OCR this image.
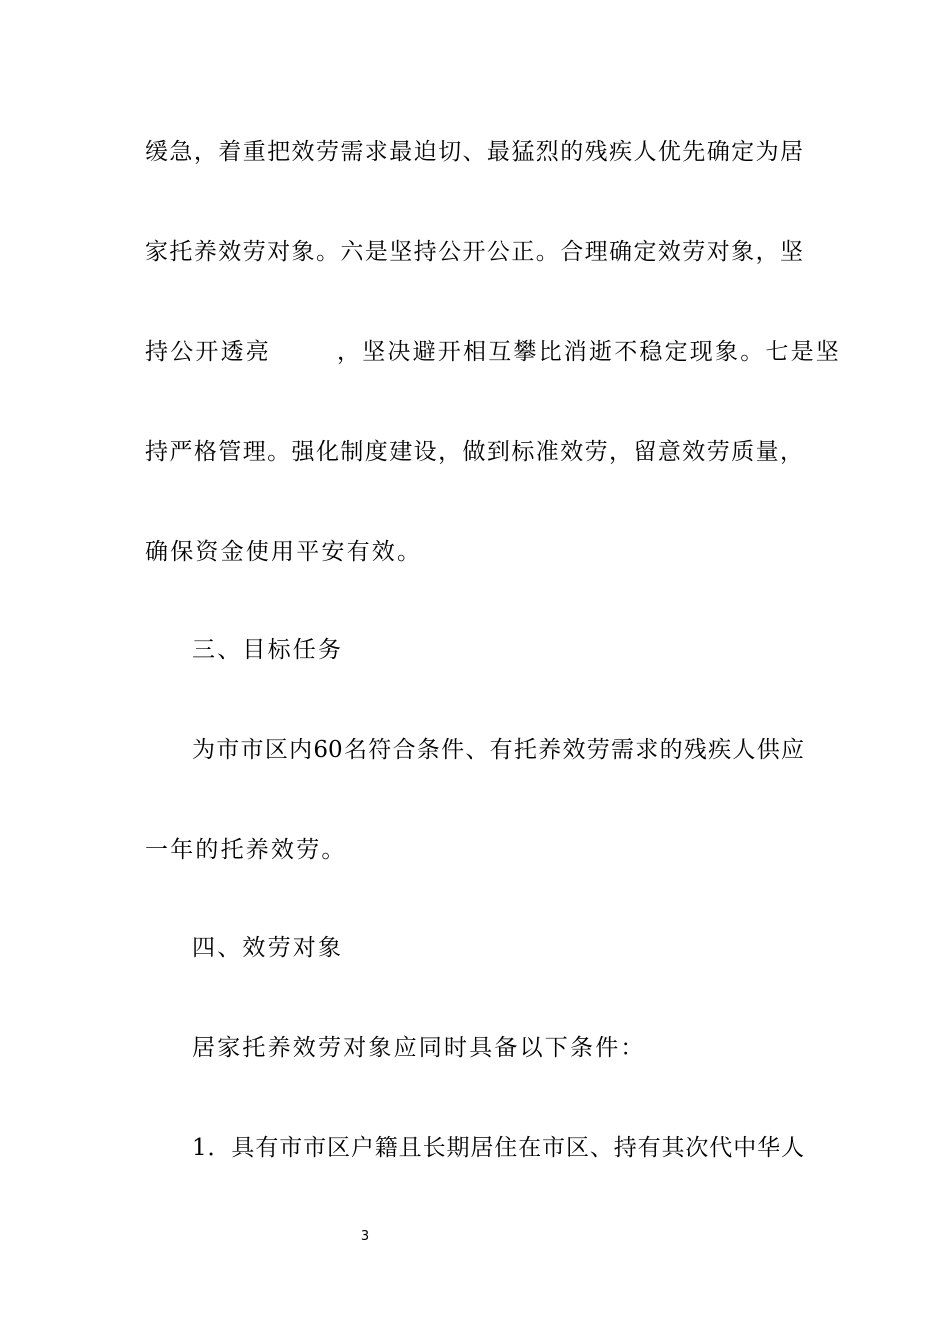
缓急，着重把效劳需求最迫切、最猛烈的残疾人优先确定为居
家托养效劳对象。六是坚持公开公正。合理确定效劳对象，坚
持公开透亮	，坚决避开相互攀比消逝不稳定现象。七是坚
持严格管理。强化制度建设，做到标准效劳，留意效劳质量，
确保资金使用平安有效。
三、目标任务
为市市区内60名符合条件、有托养效劳需求的残疾人供应
一年的托养效劳。
四、效劳对象
居家托养效劳对象应同时具备以下条件：
1．具有市市区户籍且长期居住在市区、持有其次代中华人
3
